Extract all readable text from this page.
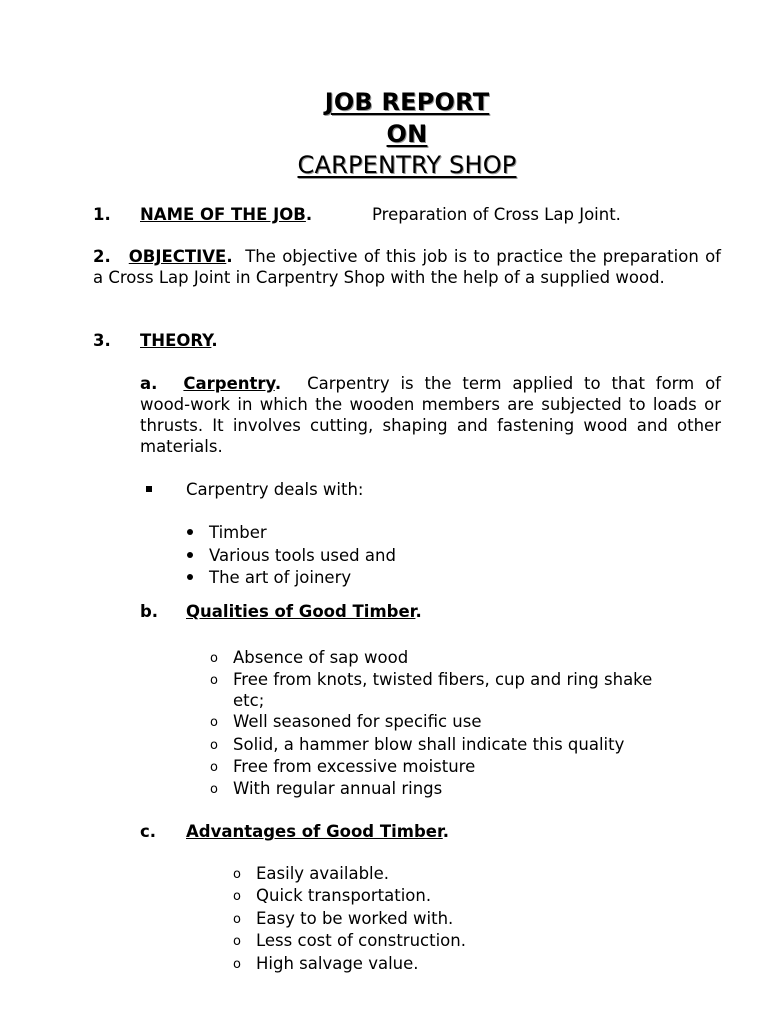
JOB REPORT
ON
CARPENTRY SHOP
1. NAME OF THE JOB.	Preparation of Cross Lap Joint.
2. OBJECTIVE. The objective of this job is to practice the preparation of a Cross Lap Joint in Carpentry Shop with the help of a supplied wood.
3. THEORY.
a. Carpentry. Carpentry is the term applied to that form of wood-work in which the wooden members are subjected to loads or thrusts. It involves cutting, shaping and fastening wood and other materials.
Carpentry deals with:
Timber
Various tools used and
The art of joinery
b. Qualities of Good Timber.
o Absence of sap wood
o Free from knots, twisted fibers, cup and ring shake
etc;
o Well seasoned for specific use
o Solid, a hammer blow shall indicate this quality
o Free from excessive moisture
o With regular annual rings
c. Advantages of Good Timber.
o Easily available.
o Quick transportation.
o Easy to be worked with.
o Less cost of construction.
o High salvage value.
